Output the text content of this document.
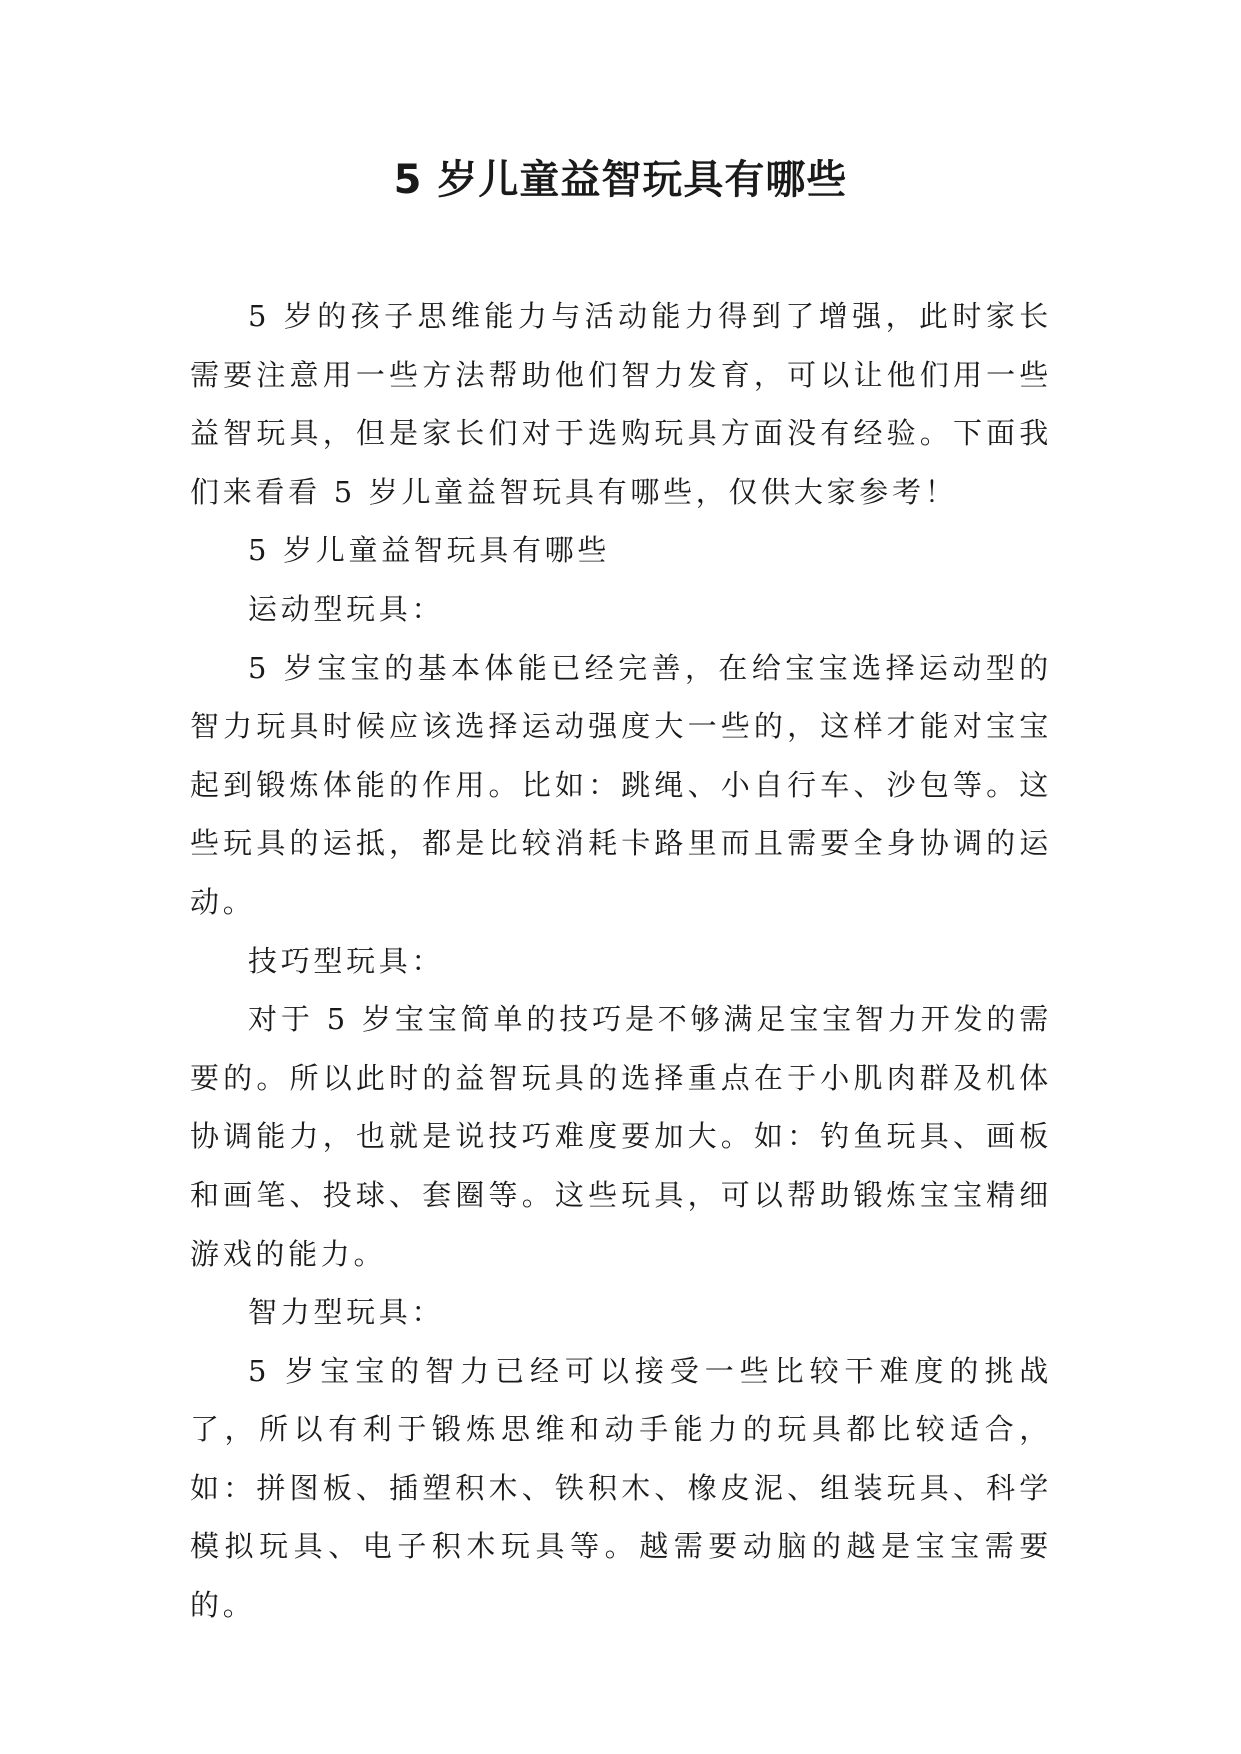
5 岁儿童益智玩具有哪些

5 岁的孩子思维能力与活动能力得到了增强，此时家长需要注意用一些方法帮助他们智力发育，可以让他们用一些益智玩具，但是家长们对于选购玩具方面没有经验。下面我们来看看 5 岁儿童益智玩具有哪些，仅供大家参考！

5 岁儿童益智玩具有哪些

运动型玩具：

5 岁宝宝的基本体能已经完善，在给宝宝选择运动型的智力玩具时候应该选择运动强度大一些的，这样才能对宝宝起到锻炼体能的作用。比如：跳绳、小自行车、沙包等。这些玩具的运抵，都是比较消耗卡路里而且需要全身协调的运动。

技巧型玩具：

对于 5 岁宝宝简单的技巧是不够满足宝宝智力开发的需要的。所以此时的益智玩具的选择重点在于小肌肉群及机体协调能力，也就是说技巧难度要加大。如：钓鱼玩具、画板和画笔、投球、套圈等。这些玩具，可以帮助锻炼宝宝精细游戏的能力。

智力型玩具：

5 岁宝宝的智力已经可以接受一些比较干难度的挑战了，所以有利于锻炼思维和动手能力的玩具都比较适合，如：拼图板、插塑积木、铁积木、橡皮泥、组装玩具、科学模拟玩具、电子积木玩具等。越需要动脑的越是宝宝需要的。
